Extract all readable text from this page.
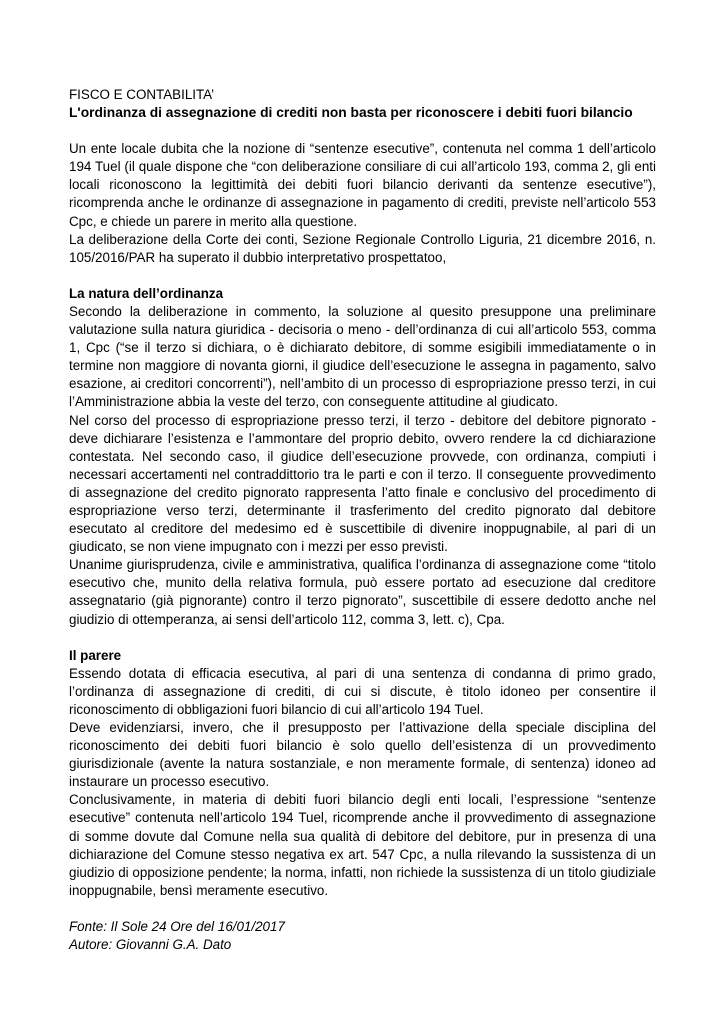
FISCO E CONTABILITA’

L'ordinanza di assegnazione di crediti non basta per riconoscere i debiti fuori bilancio

Un ente locale dubita che la nozione di “sentenze esecutive”, contenuta nel comma 1 dell’articolo 194 Tuel (il quale dispone che “con deliberazione consiliare di cui all’articolo 193, comma 2, gli enti locali riconoscono la legittimità dei debiti fuori bilancio derivanti da sentenze esecutive”), ricomprenda anche le ordinanze di assegnazione in pagamento di crediti, previste nell’articolo 553 Cpc, e chiede un parere in merito alla questione.

La deliberazione della Corte dei conti, Sezione Regionale Controllo Liguria, 21 dicembre 2016, n. 105/2016/PAR ha superato il dubbio interpretativo prospettatoo,

La natura dell’ordinanza

Secondo la deliberazione in commento, la soluzione al quesito presuppone una preliminare valutazione sulla natura giuridica - decisoria o meno - dell’ordinanza di cui all’articolo 553, comma 1, Cpc (“se il terzo si dichiara, o è dichiarato debitore, di somme esigibili immediatamente o in termine non maggiore di novanta giorni, il giudice dell’esecuzione le assegna in pagamento, salvo esazione, ai creditori concorrenti”), nell’ambito di un processo di espropriazione presso terzi, in cui l’Amministrazione abbia la veste del terzo, con conseguente attitudine al giudicato.

Nel corso del processo di espropriazione presso terzi, il terzo - debitore del debitore pignorato - deve dichiarare l’esistenza e l’ammontare del proprio debito, ovvero rendere la cd dichiarazione contestata. Nel secondo caso, il giudice dell’esecuzione provvede, con ordinanza, compiuti i necessari accertamenti nel contraddittorio tra le parti e con il terzo. Il conseguente provvedimento di assegnazione del credito pignorato rappresenta l’atto finale e conclusivo del procedimento di espropriazione verso terzi, determinante il trasferimento del credito pignorato dal debitore esecutato al creditore del medesimo ed è suscettibile di divenire inoppugnabile, al pari di un giudicato, se non viene impugnato con i mezzi per esso previsti.

Unanime giurisprudenza, civile e amministrativa, qualifica l’ordinanza di assegnazione come “titolo esecutivo che, munito della relativa formula, può essere portato ad esecuzione dal creditore assegnatario (già pignorante) contro il terzo pignorato”, suscettibile di essere dedotto anche nel giudizio di ottemperanza, ai sensi dell’articolo 112, comma 3, lett. c), Cpa.

Il parere

Essendo dotata di efficacia esecutiva, al pari di una sentenza di condanna di primo grado, l’ordinanza di assegnazione di crediti, di cui si discute, è titolo idoneo per consentire il riconoscimento di obbligazioni fuori bilancio di cui all’articolo 194 Tuel.

Deve evidenziarsi, invero, che il presupposto per l’attivazione della speciale disciplina del riconoscimento dei debiti fuori bilancio è solo quello dell’esistenza di un provvedimento giurisdizionale (avente la natura sostanziale, e non meramente formale, di sentenza) idoneo ad instaurare un processo esecutivo.

Conclusivamente, in materia di debiti fuori bilancio degli enti locali, l’espressione “sentenze esecutive” contenuta nell’articolo 194 Tuel, ricomprende anche il provvedimento di assegnazione di somme dovute dal Comune nella sua qualità di debitore del debitore, pur in presenza di una dichiarazione del Comune stesso negativa ex art. 547 Cpc, a nulla rilevando la sussistenza di un giudizio di opposizione pendente; la norma, infatti, non richiede la sussistenza di un titolo giudiziale inoppugnabile, bensì meramente esecutivo.

Fonte: Il Sole 24 Ore del 16/01/2017

Autore: Giovanni G.A. Dato
